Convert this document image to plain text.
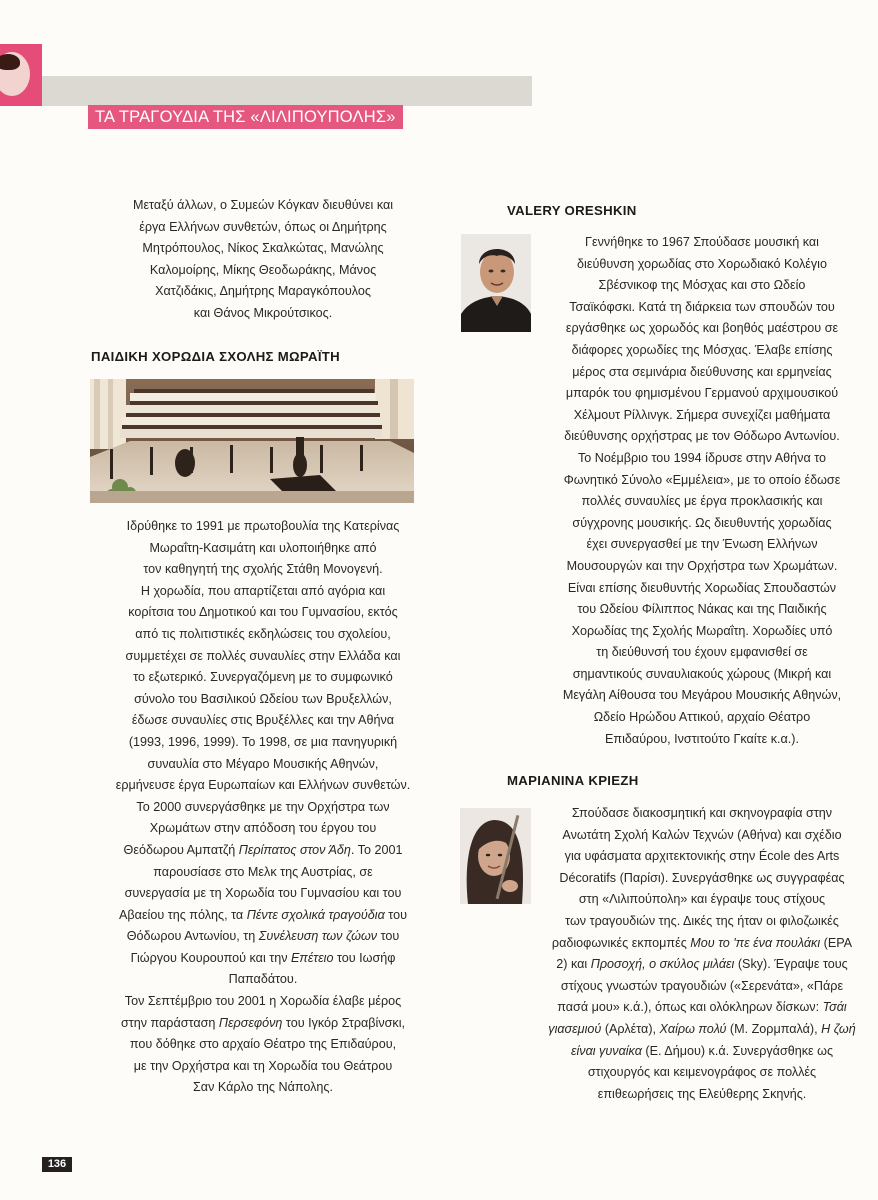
ΤΑ ΤΡΑΓΟΥΔΙΑ ΤΗΣ «ΛΙΛΙΠΟΥΠΟΛΗΣ»

Μεταξύ άλλων, ο Συμεών Κόγκαν διευθύνει και

έργα Ελλήνων συνθετών, όπως οι Δημήτρης

Μητρόπουλος, Νίκος Σκαλκώτας, Μανώλης

Καλομοίρης, Μίκης Θεοδωράκης, Μάνος

Χατζιδάκις, Δημήτρης Μαραγκόπουλος

και Θάνος Μικρούτσικος.

ΠΑΙΔΙΚΗ ΧΟΡΩΔΙΑ ΣΧΟΛΗΣ ΜΩΡΑΪΤΗ

Ιδρύθηκε το 1991 με πρωτοβουλία της Κατερίνας

Μωραΐτη-Κασιμάτη και υλοποιήθηκε από

τον καθηγητή της σχολής Στάθη Μονογενή.

Η χορωδία, που απαρτίζεται από αγόρια και

κορίτσια του Δημοτικού και του Γυμνασίου, εκτός

από τις πολιτιστικές εκδηλώσεις του σχολείου,

συμμετέχει σε πολλές συναυλίες στην Ελλάδα και

το εξωτερικό. Συνεργαζόμενη με το συμφωνικό

σύνολο του Βασιλικού Ωδείου των Βρυξελλών,

έδωσε συναυλίες στις Βρυξέλλες και την Αθήνα

(1993, 1996, 1999). Το 1998, σε μια πανηγυρική

συναυλία στο Μέγαρο Μουσικής Αθηνών,

ερμήνευσε έργα Ευρωπαίων και Ελλήνων συνθετών.

Το 2000 συνεργάσθηκε με την Ορχήστρα των

Χρωμάτων στην απόδοση του έργου του

Θεόδωρου Αμπατζή Περίπατος στον Άδη. Το 2001

παρουσίασε στο Μελκ της Αυστρίας, σε

συνεργασία με τη Χορωδία του Γυμνασίου και του

Αβαείου της πόλης, τα Πέντε σχολικά τραγούδια του

Θόδωρου Αντωνίου, τη Συνέλευση των ζώων του

Γιώργου Κουρουπού και την Επέτειο του Ιωσήφ

Παπαδάτου.

Τον Σεπτέμβριο του 2001 η Χορωδία έλαβε μέρος

στην παράσταση Περσεφόνη του Ιγκόρ Στραβίνσκι,

που δόθηκε στο αρχαίο Θέατρο της Επιδαύρου,

με την Ορχήστρα και τη Χορωδία του Θεάτρου

Σαν Κάρλο της Νάπολης.

VALERY ORESHKIN

Γεννήθηκε το 1967 Σπούδασε μουσική και

διεύθυνση χορωδίας στο Χορωδιακό Κολέγιο

Σβέσνικοφ της Μόσχας και στο Ωδείο

Τσαϊκόφσκι. Κατά τη διάρκεια των σπουδών του

εργάσθηκε ως χορωδός και βοηθός μαέστρου σε

διάφορες χορωδίες της Μόσχας. Έλαβε επίσης

μέρος στα σεμινάρια διεύθυνσης και ερμηνείας

μπαρόκ του φημισμένου Γερμανού αρχιμουσικού

Χέλμουτ Ρίλλινγκ. Σήμερα συνεχίζει μαθήματα

διεύθυνσης ορχήστρας με τον Θόδωρο Αντωνίου.

Το Νοέμβριο του 1994 ίδρυσε στην Αθήνα το

Φωνητικό Σύνολο «Εμμέλεια», με το οποίο έδωσε

πολλές συναυλίες με έργα προκλασικής και

σύγχρονης μουσικής. Ως διευθυντής χορωδίας

έχει συνεργασθεί με την Ένωση Ελλήνων

Μουσουργών και την Ορχήστρα των Χρωμάτων.

Είναι επίσης διευθυντής Χορωδίας Σπουδαστών

του Ωδείου Φίλιππος Νάκας και της Παιδικής

Χορωδίας της Σχολής Μωραΐτη. Χορωδίες υπό

τη διεύθυνσή του έχουν εμφανισθεί σε

σημαντικούς συναυλιακούς χώρους (Μικρή και

Μεγάλη Αίθουσα του Μεγάρου Μουσικής Αθηνών,

Ωδείο Ηρώδου Αττικού, αρχαίο Θέατρο

Επιδαύρου, Ινστιτούτο Γκαίτε κ.α.).

ΜΑΡΙΑΝΙΝΑ ΚΡΙΕΖΗ

Σπούδασε διακοσμητική και σκηνογραφία στην

Ανωτάτη Σχολή Καλών Τεχνών (Αθήνα) και σχέδιο

για υφάσματα αρχιτεκτονικής στην École des Arts

Décoratifs (Παρίσι). Συνεργάσθηκε ως συγγραφέας

στη «Λιλιπούπολη» και έγραψε τους στίχους

των τραγουδιών της. Δικές της ήταν οι φιλοζωικές

ραδιοφωνικές εκπομπές Μου το 'πε ένα πουλάκι (ΕΡΑ

2) και Προσοχή, ο σκύλος μιλάει (Sky). Έγραψε τους

στίχους γνωστών τραγουδιών («Σερενάτα», «Πάρε

πασά μου» κ.ά.), όπως και ολόκληρων δίσκων: Τσάι

γιασεμιού (Αρλέτα), Χαίρω πολύ (Μ. Ζορμπαλά), Η ζωή

είναι γυναίκα (Ε. Δήμου) κ.ά. Συνεργάσθηκε ως

στιχουργός και κειμενογράφος σε πολλές

επιθεωρήσεις της Ελεύθερης Σκηνής.

136
